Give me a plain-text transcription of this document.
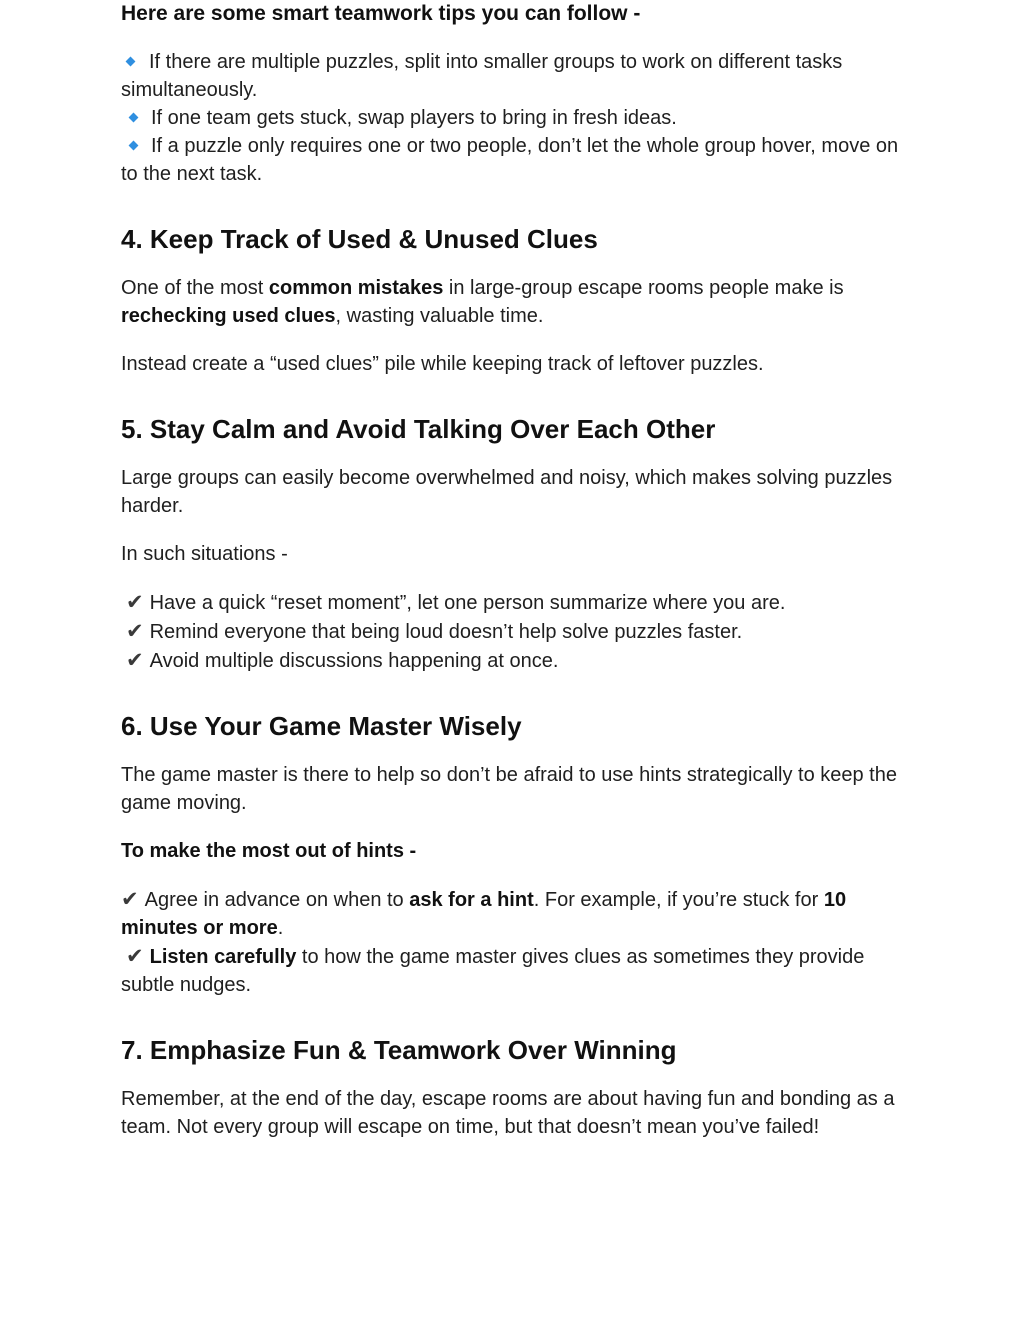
Here are some smart teamwork tips you can follow -

If there are multiple puzzles, split into smaller groups to work on different tasks simultaneously.

If one team gets stuck, swap players to bring in fresh ideas.

If a puzzle only requires one or two people, don’t let the whole group hover, move on to the next task.

4. Keep Track of Used & Unused Clues

One of the most common mistakes in large-group escape rooms people make is rechecking used clues, wasting valuable time.

Instead create a “used clues” pile while keeping track of leftover puzzles.

5. Stay Calm and Avoid Talking Over Each Other

Large groups can easily become overwhelmed and noisy, which makes solving puzzles harder.

In such situations -

✔ Have a quick “reset moment”, let one person summarize where you are.

✔ Remind everyone that being loud doesn’t help solve puzzles faster.

✔ Avoid multiple discussions happening at once.

6. Use Your Game Master Wisely

The game master is there to help so don’t be afraid to use hints strategically to keep the game moving.

To make the most out of hints -

✔ Agree in advance on when to ask for a hint. For example, if you’re stuck for 10 minutes or more.

✔ Listen carefully to how the game master gives clues as sometimes they provide subtle nudges.

7. Emphasize Fun & Teamwork Over Winning

Remember, at the end of the day, escape rooms are about having fun and bonding as a team. Not every group will escape on time, but that doesn’t mean you’ve failed!
